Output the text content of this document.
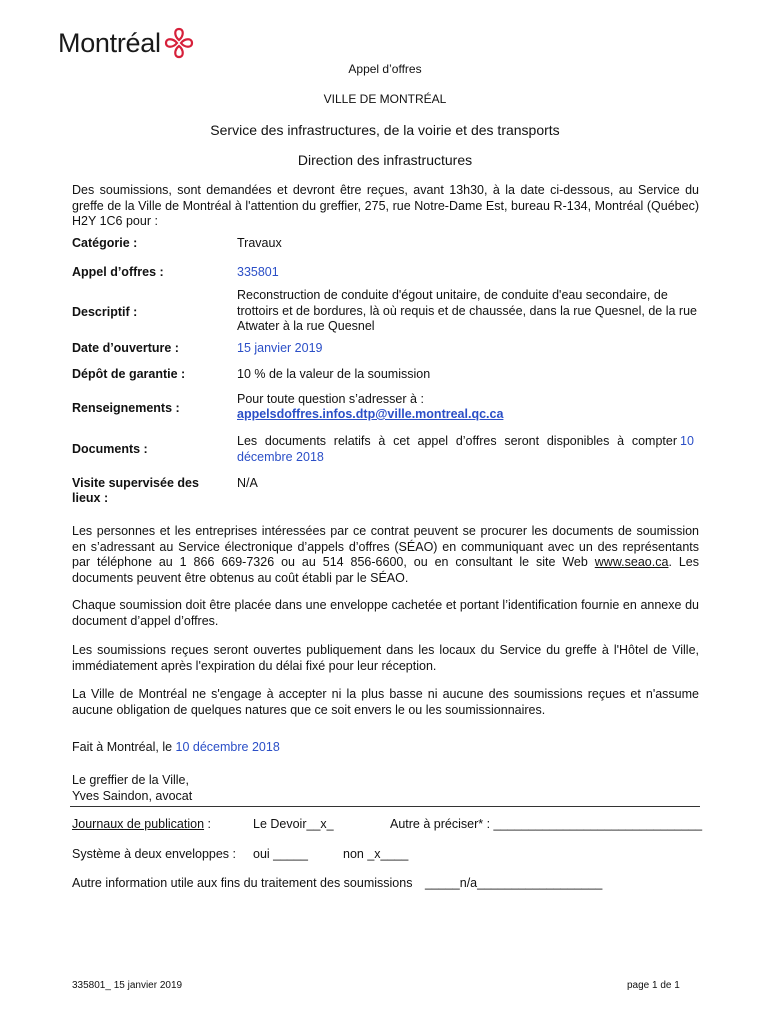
Montréal
Appel d’offres
VILLE DE MONTRÉAL
Service des infrastructures, de la voirie et des transports
Direction des infrastructures
Des soumissions, sont demandées et devront être reçues, avant 13h30, à la date ci-dessous, au Service du greffe de la Ville de Montréal à l'attention du greffier, 275, rue Notre-Dame Est, bureau R-134, Montréal (Québec) H2Y 1C6 pour :
Catégorie :	Travaux
Appel d’offres :	335801
Descriptif :
Reconstruction de conduite d'égout unitaire, de conduite d'eau secondaire, de trottoirs et de bordures, là où requis et de chaussée, dans la rue Quesnel, de la rue Atwater à la rue Quesnel
Date d’ouverture :	15 janvier 2019
Dépôt de garantie :	10 % de la valeur de la soumission
Renseignements :
Pour toute question s’adresser à :
appelsdoffres.infos.dtp@ville.montreal.qc.ca
Documents :
Les documents relatifs à cet appel d’offres seront disponibles à compter 10
décembre 2018
Visite supervisée des
lieux :
N/A
Les personnes et les entreprises intéressées par ce contrat peuvent se procurer les documents de soumission en s’adressant au Service électronique d’appels d’offres (SÉAO) en communiquant avec un des représentants par téléphone au 1 866 669-7326 ou au 514 856-6600, ou en consultant le site Web www.seao.ca. Les documents peuvent être obtenus au coût établi par le SÉAO.
Chaque soumission doit être placée dans une enveloppe cachetée et portant l’identification fournie en annexe du document d’appel d’offres.
Les soumissions reçues seront ouvertes publiquement dans les locaux du Service du greffe à l'Hôtel de Ville, immédiatement après l'expiration du délai fixé pour leur réception.
La Ville de Montréal ne s'engage à accepter ni la plus basse ni aucune des soumissions reçues et n'assume aucune obligation de quelques natures que ce soit envers le ou les soumissionnaires.
Fait à Montréal, le 10 décembre 2018
Le greffier de la Ville,
Yves Saindon, avocat
Journaux de publication :	Le Devoir__x_	Autre à préciser* : ______________________________
Système à deux enveloppes : oui _____	non _x____
Autre information utile aux fins du traitement des soumissions _____n/a__________________
335801_ 15 janvier 2019	page 1 de 1
